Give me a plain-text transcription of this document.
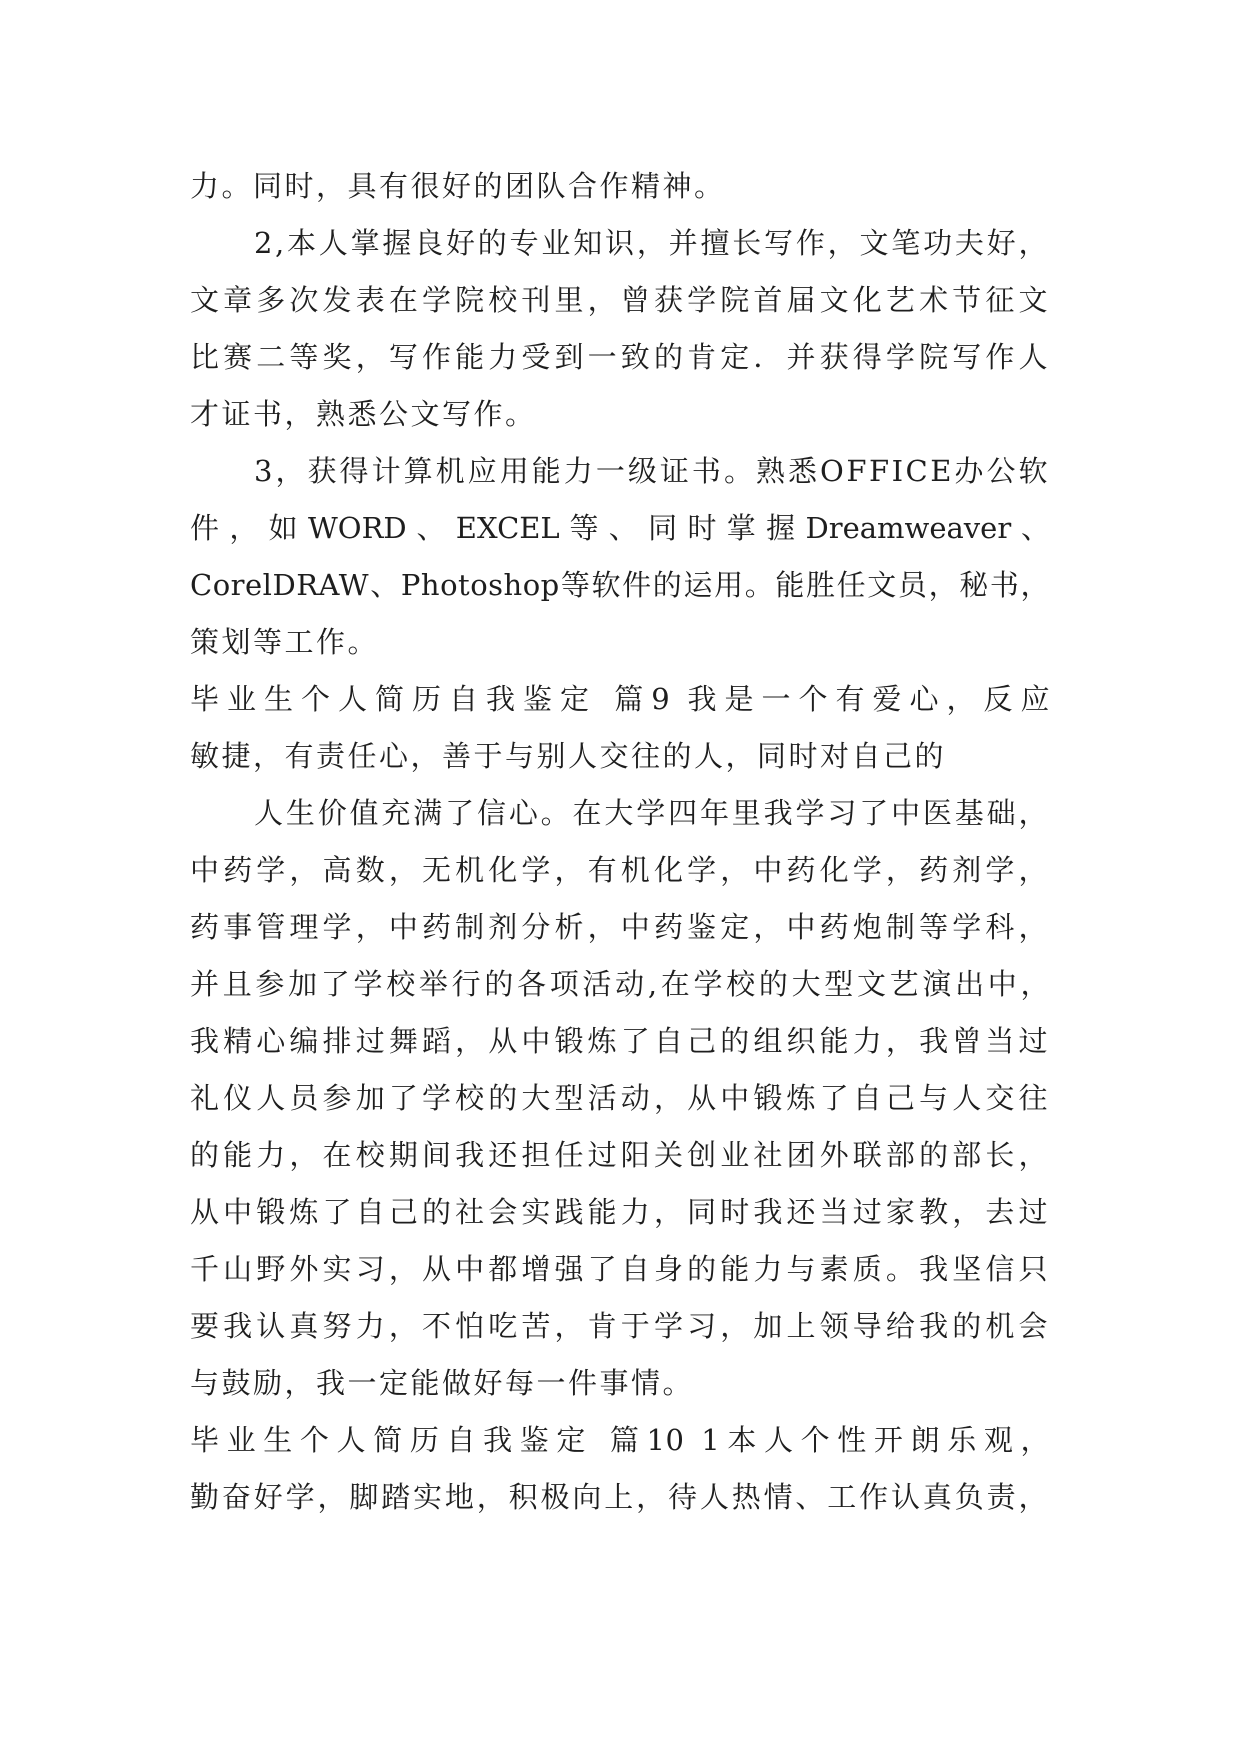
力。同时，具有很好的团队合作精神。
2,本人掌握良好的专业知识，并擅长写作，文笔功夫好，
文章多次发表在学院校刊里，曾获学院首届文化艺术节征文
比赛二等奖，写作能力受到一致的肯定．并获得学院写作人
才证书，熟悉公文写作。
3，获得计算机应用能力一级证书。熟悉OFFICE办公软
件 ， 如 WORD 、 EXCEL 等 、 同 时 掌 握 Dreamweaver 、
CorelDRAW、Photoshop等软件的运用。能胜任文员，秘书，
策划等工作。
毕业生个人简历自我鉴定 篇9 我是一个有爱心，反应
敏捷，有责任心，善于与别人交往的人，同时对自己的
人生价值充满了信心。在大学四年里我学习了中医基础，
中药学，高数，无机化学，有机化学，中药化学，药剂学，
药事管理学，中药制剂分析，中药鉴定，中药炮制等学科，
并且参加了学校举行的各项活动,在学校的大型文艺演出中，
我精心编排过舞蹈，从中锻炼了自己的组织能力，我曾当过
礼仪人员参加了学校的大型活动，从中锻炼了自己与人交往
的能力，在校期间我还担任过阳关创业社团外联部的部长，
从中锻炼了自己的社会实践能力，同时我还当过家教，去过
千山野外实习，从中都增强了自身的能力与素质。我坚信只
要我认真努力，不怕吃苦，肯于学习，加上领导给我的机会
与鼓励，我一定能做好每一件事情。
毕业生个人简历自我鉴定 篇10 1本人个性开朗乐观，
勤奋好学，脚踏实地，积极向上，待人热情、工作认真负责，
